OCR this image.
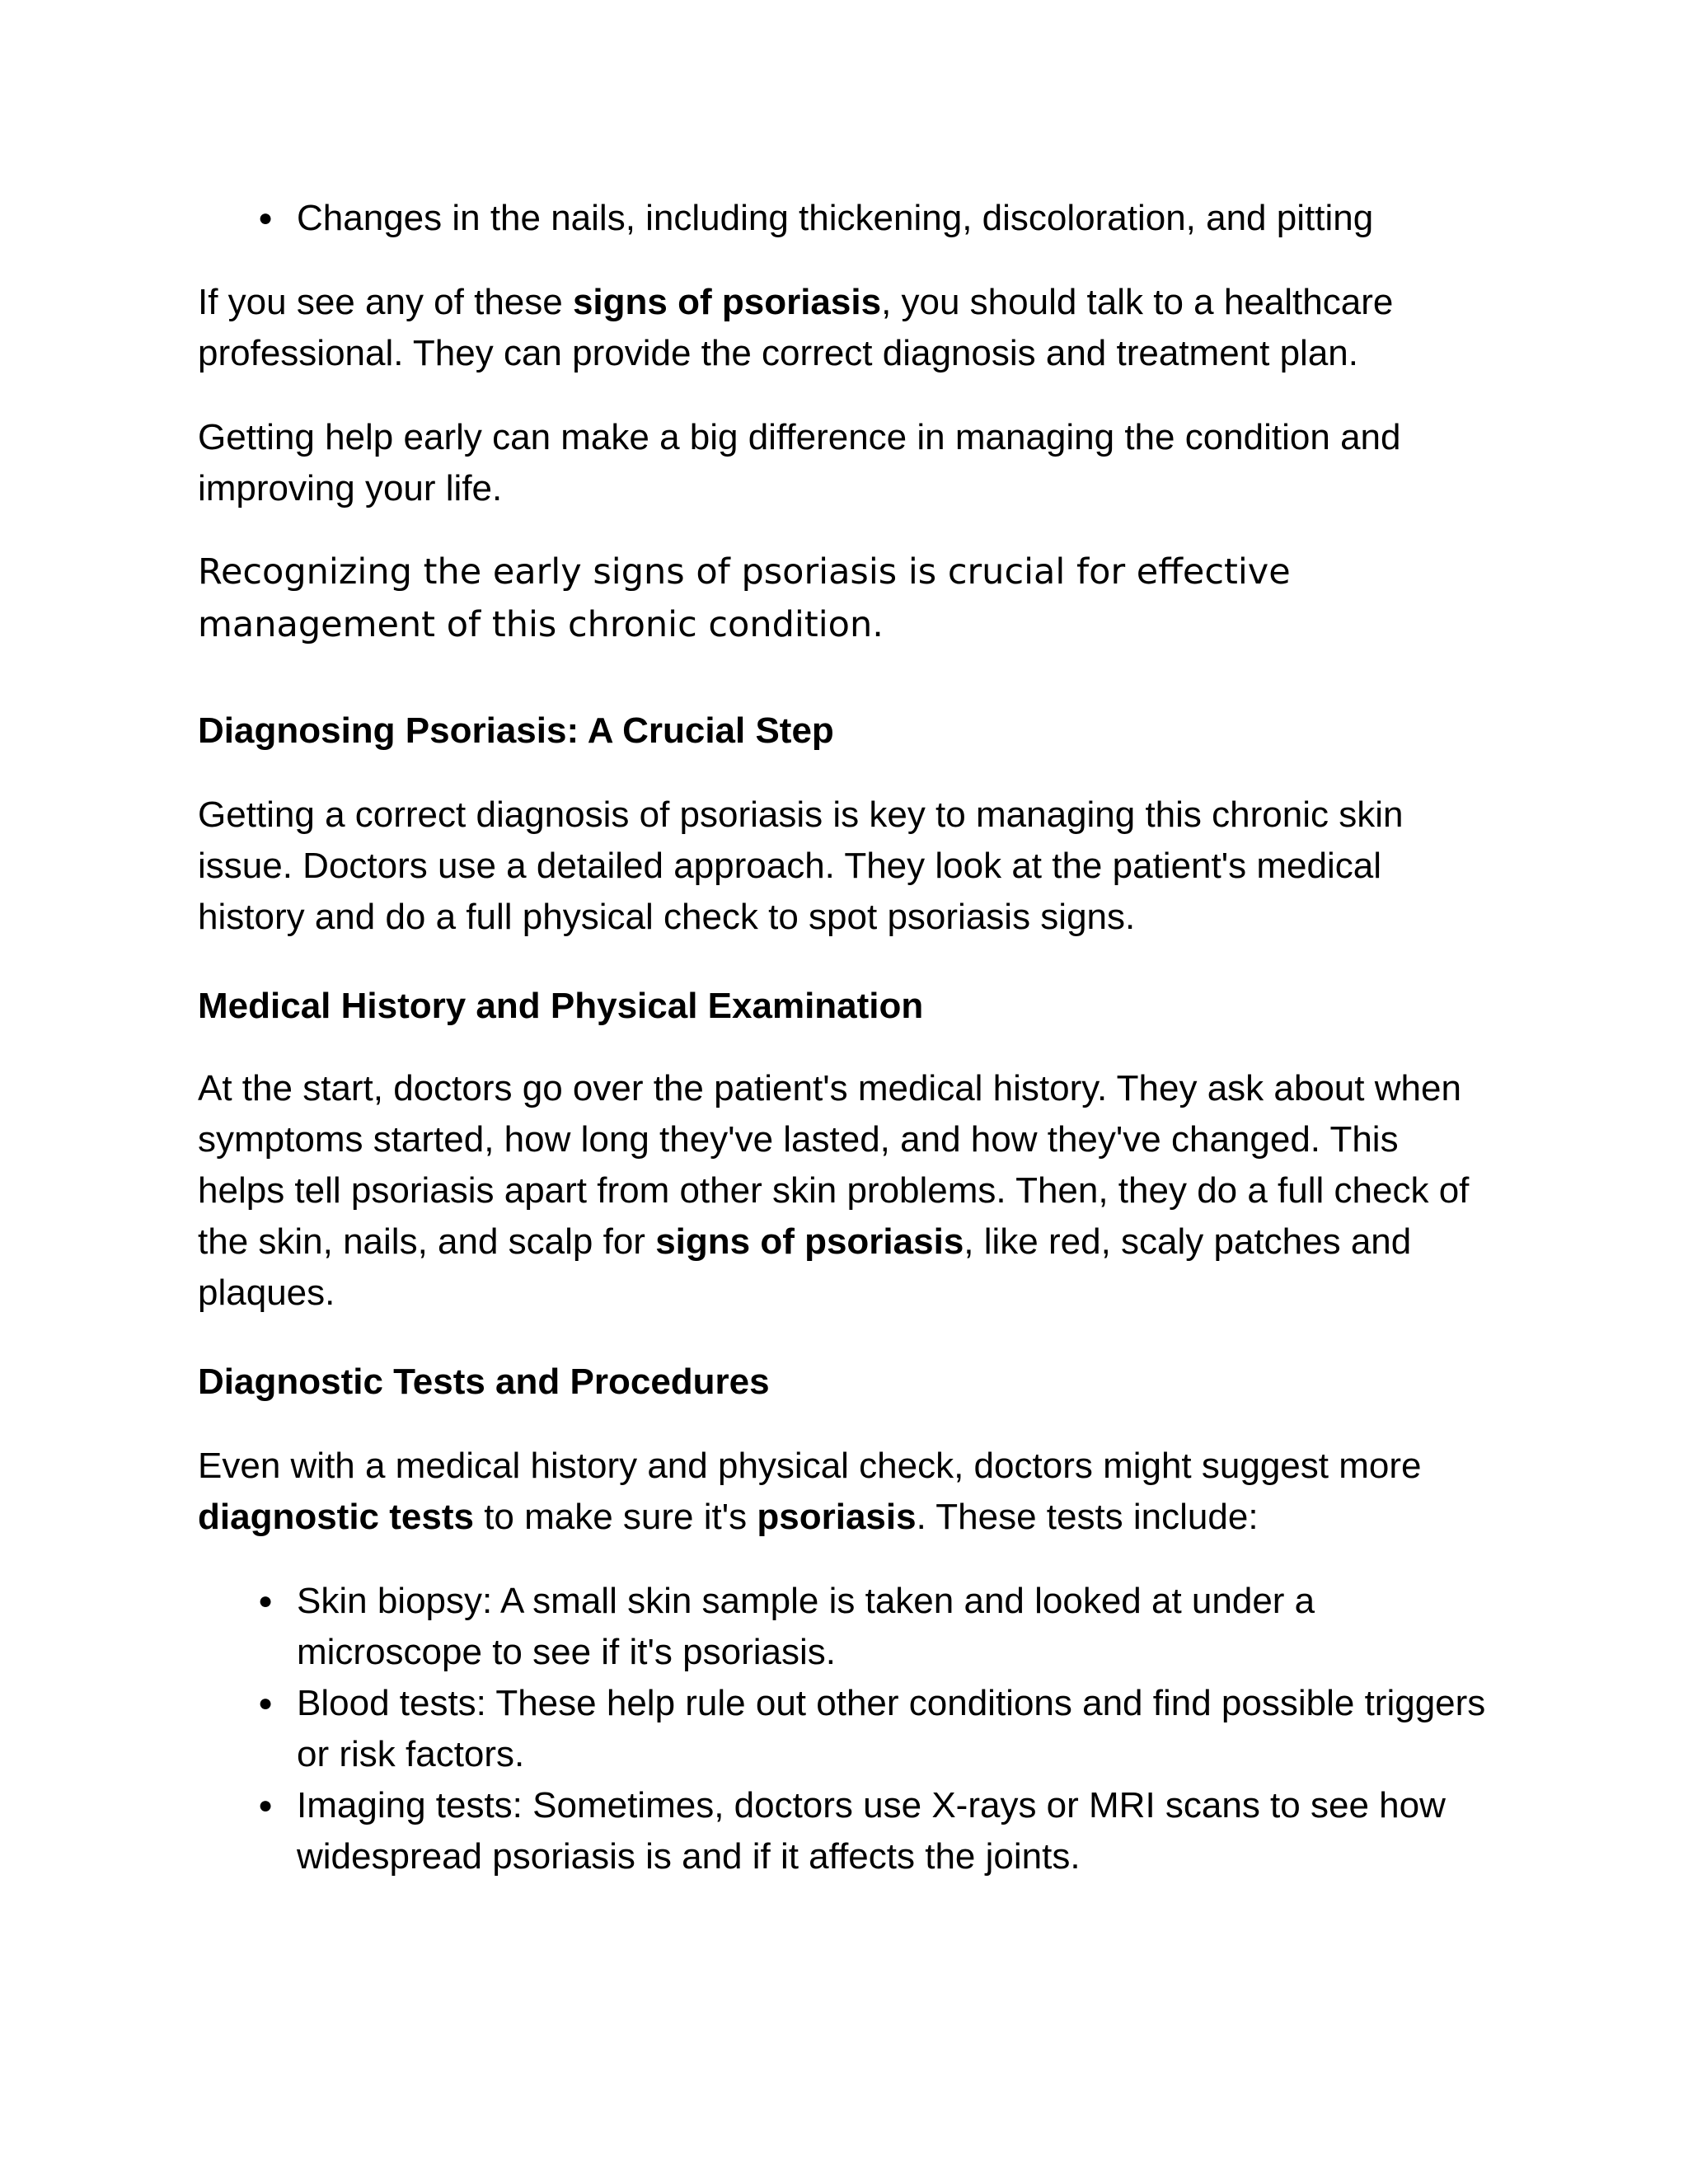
● Changes in the nails, including thickening, discoloration, and pitting

If you see any of these signs of psoriasis, you should talk to a healthcare professional. They can provide the correct diagnosis and treatment plan.

Getting help early can make a big difference in managing the condition and improving your life.

Recognizing the early signs of psoriasis is crucial for effective management of this chronic condition.

Diagnosing Psoriasis: A Crucial Step

Getting a correct diagnosis of psoriasis is key to managing this chronic skin issue. Doctors use a detailed approach. They look at the patient's medical history and do a full physical check to spot psoriasis signs.

Medical History and Physical Examination

At the start, doctors go over the patient's medical history. They ask about when symptoms started, how long they've lasted, and how they've changed. This helps tell psoriasis apart from other skin problems. Then, they do a full check of the skin, nails, and scalp for signs of psoriasis, like red, scaly patches and plaques.

Diagnostic Tests and Procedures

Even with a medical history and physical check, doctors might suggest more diagnostic tests to make sure it's psoriasis. These tests include:

● Skin biopsy: A small skin sample is taken and looked at under a microscope to see if it's psoriasis.
● Blood tests: These help rule out other conditions and find possible triggers or risk factors.
● Imaging tests: Sometimes, doctors use X-rays or MRI scans to see how widespread psoriasis is and if it affects the joints.
